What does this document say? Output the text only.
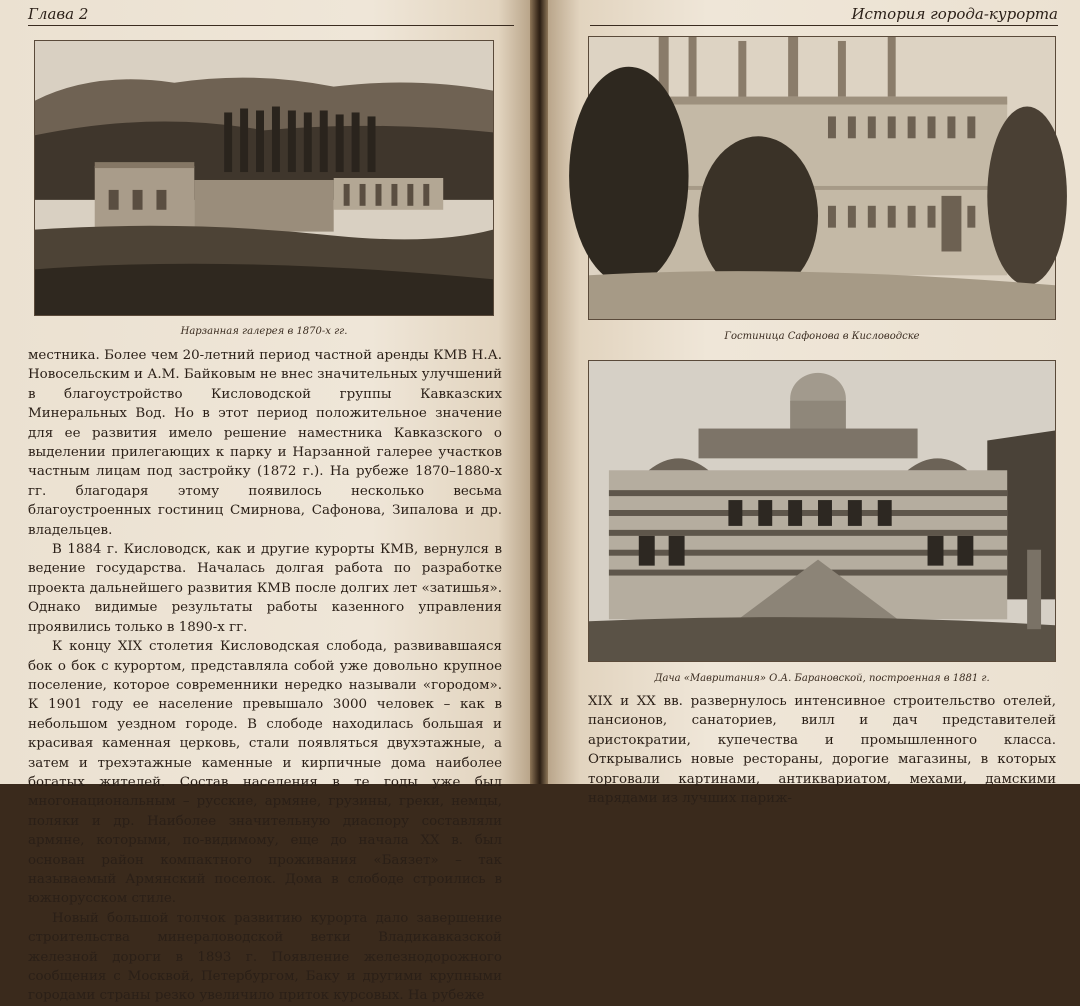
Глава 2
Нарзанная галерея в 1870-х гг.

местника. Более чем 20-летний период частной аренды КМВ Н.А. Новосельским и А.М. Байковым не внес значительных улучшений в благоустройство Кисловодской группы Кавказских Минеральных Вод. Но в этот период положительное значение для ее развития имело решение наместника Кавказского о выделении прилегающих к парку и Нарзанной галерее участков частным лицам под застройку (1872 г.). На рубеже 1870–1880-х гг. благодаря этому появилось несколько весьма благоустроенных гостиниц Смирнова, Сафонова, Зипалова и др. владельцев.

В 1884 г. Кисловодск, как и другие курорты КМВ, вернулся в ведение государства. Началась долгая работа по разработке проекта дальнейшего развития КМВ после долгих лет «затишья». Однако видимые результаты работы казенного управления проявились только в 1890-х гг.

К концу XIX столетия Кисловодская слобода, развивавшаяся бок о бок с курортом, представляла собой уже довольно крупное поселение, которое современники нередко называли «городом». К 1901 году ее население превышало 3000 человек – как в небольшом уездном городе. В слободе находилась большая и красивая каменная церковь, стали появляться двухэтажные, а затем и трехэтажные каменные и кирпичные дома наиболее богатых жителей. Состав населения в те годы уже был многонациональным – русские, армяне, грузины, греки, немцы, поляки и др. Наиболее значительную диаспору составляли армяне, которыми, по-видимому, еще до начала XX в. был основан район компактного проживания «Баязет» – так называемый Армянский поселок. Дома в слободе строились в южнорусском стиле.

Новый большой толчок развитию курорта дало завершение строительства минераловодской ветки Владикавказской железной дороги в 1893 г. Появление железнодорожного сообщения с Москвой, Петербургом, Баку и другими крупными городами страны резко увеличило приток курсовых. На рубеже

История города-курорта
Гостиница Сафонова в Кисловодске
Дача «Мавритания» О.А. Барановской, построенная в 1881 г.

XIX и XX вв. развернулось интенсивное строительство отелей, пансионов, санаториев, вилл и дач представителей аристократии, купечества и промышленного класса. Открывались новые рестораны, дорогие магазины, в которых торговали картинами, антиквариатом, мехами, дамскими нарядами из лучших париж-
